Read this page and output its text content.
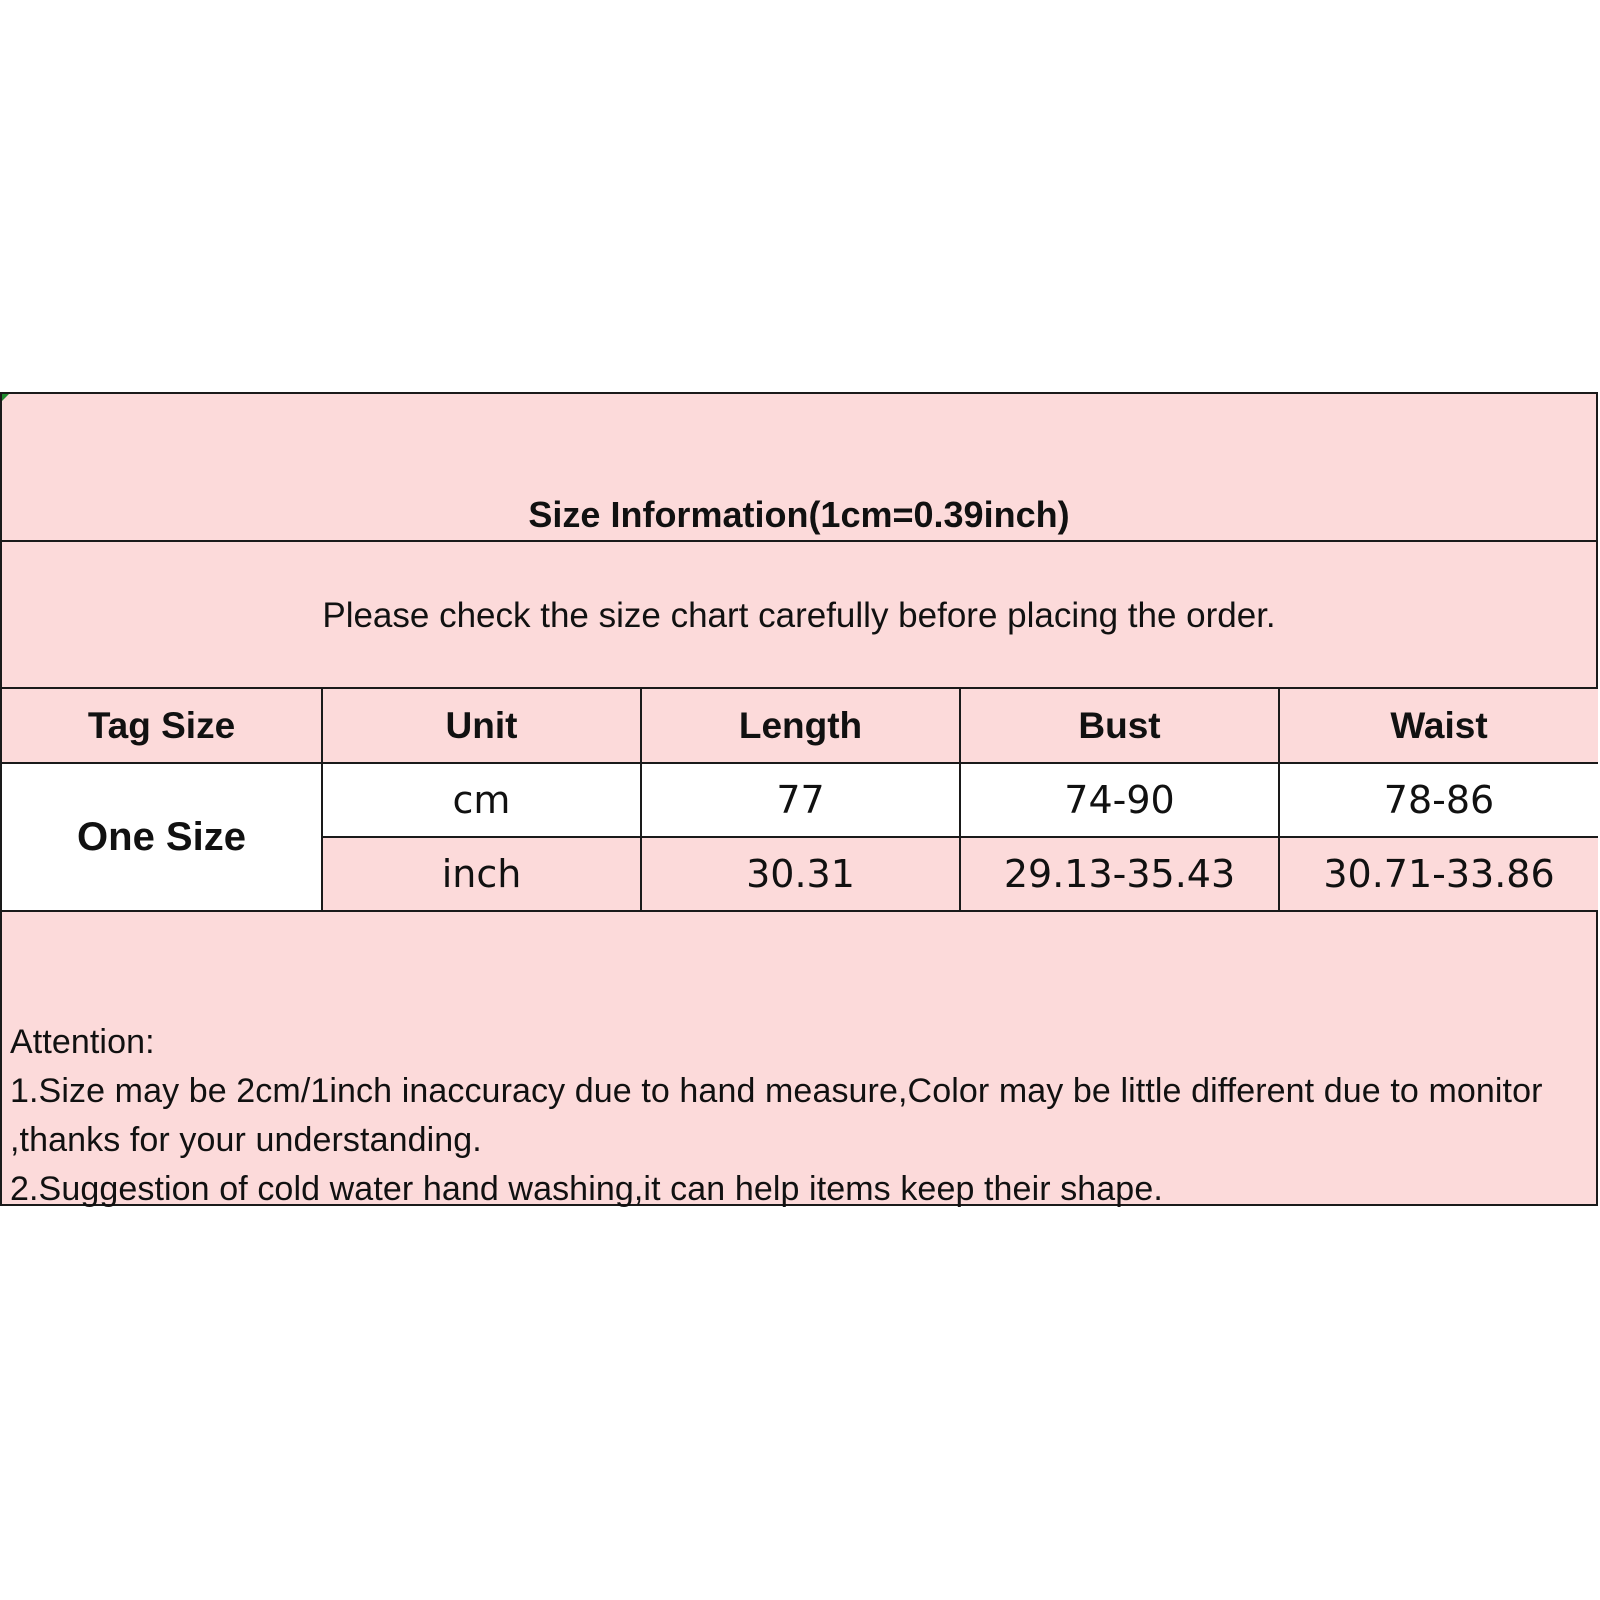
Size Information(1cm=0.39inch)
Please check the size chart carefully before placing the order.
Tag Size	Unit	Length	Bust	Waist
One Size	cm	77	74-90	78-86
	inch	30.31	29.13-35.43	30.71-33.86
Attention:
1.Size may be 2cm/1inch inaccuracy due to hand measure,Color may be little different due to monitor ,thanks for your understanding.
2.Suggestion of cold water hand washing,it can help items keep their shape.
